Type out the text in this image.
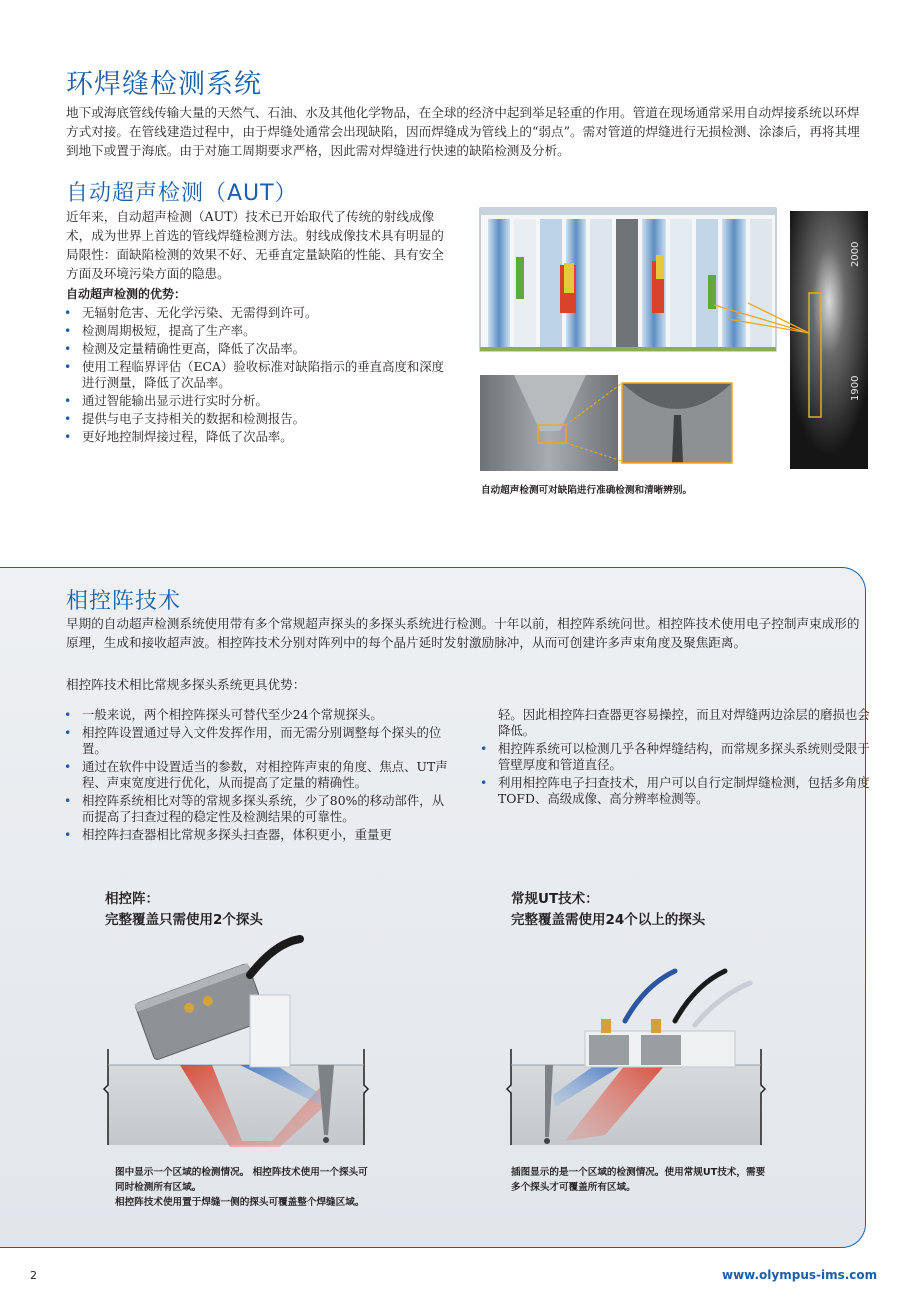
环焊缝检测系统

地下或海底管线传输大量的天然气、石油、水及其他化学物品，在全球的经济中起到举足轻重的作用。管道在现场通常采用自动焊接系统以环焊方式对接。在管线建造过程中，由于焊缝处通常会出现缺陷，因而焊缝成为管线上的“弱点”。需对管道的焊缝进行无损检测、涂漆后，再将其埋到地下或置于海底。由于对施工周期要求严格，因此需对焊缝进行快速的缺陷检测及分析。

自动超声检测（AUT）

近年来，自动超声检测（AUT）技术已开始取代了传统的射线成像术，成为世界上首选的管线焊缝检测方法。射线成像技术具有明显的局限性：面缺陷检测的效果不好、无垂直定量缺陷的性能、具有安全方面及环境污染方面的隐患。

自动超声检测的优势：
• 无辐射危害、无化学污染、无需得到许可。
• 检测周期极短，提高了生产率。
• 检测及定量精确性更高，降低了次品率。
• 使用工程临界评估（ECA）验收标准对缺陷指示的垂直高度和深度进行测量，降低了次品率。
• 通过智能输出显示进行实时分析。
• 提供与电子支持相关的数据和检测报告。
• 更好地控制焊接过程，降低了次品率。
2000
1900
自动超声检测可对缺陷进行准确检测和清晰辨别。
相控阵技术

早期的自动超声检测系统使用带有多个常规超声探头的多探头系统进行检测。十年以前，相控阵系统问世。相控阵技术使用电子控制声束成形的原理，生成和接收超声波。相控阵技术分别对阵列中的每个晶片延时发射激励脉冲，从而可创建许多声束角度及聚焦距离。

相控阵技术相比常规多探头系统更具优势：

• 一般来说，两个相控阵探头可替代至少24个常规探头。
• 相控阵设置通过导入文件发挥作用，而无需分别调整每个探头的位置。
• 通过在软件中设置适当的参数，对相控阵声束的角度、焦点、UT声程、声束宽度进行优化，从而提高了定量的精确性。
• 相控阵系统相比对等的常规多探头系统，少了80%的移动部件，从而提高了扫查过程的稳定性及检测结果的可靠性。
• 相控阵扫查器相比常规多探头扫查器，体积更小，重量更
轻。因此相控阵扫查器更容易操控，而且对焊缝两边涂层的磨损也会降低。
• 相控阵系统可以检测几乎各种焊缝结构，而常规多探头系统则受限于管壁厚度和管道直径。
• 利用相控阵电子扫查技术，用户可以自行定制焊缝检测，包括多角度TOFD、高级成像、高分辨率检测等。
相控阵：
完整覆盖只需使用2个探头
常规UT技术：
完整覆盖需使用24个以上的探头
图中显示一个区域的检测情况。 相控阵技术使用一个探头可同时检测所有区域。
相控阵技术使用置于焊缝一侧的探头可覆盖整个焊缝区域。
插图显示的是一个区域的检测情况。使用常规UT技术，需要多个探头才可覆盖所有区域。
2	www.olympus-ims.com
